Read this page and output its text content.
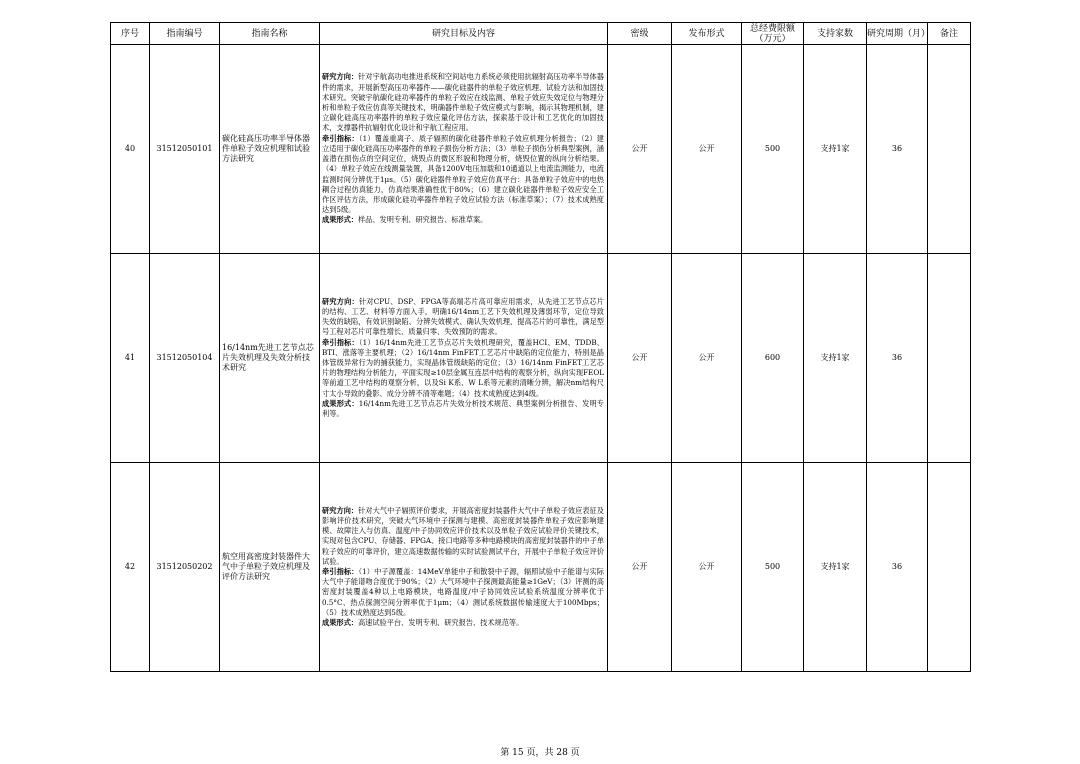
序号	指南编号	指南名称	研究目标及内容	密级	发布形式	总经费限额（万元）	支持家数	研究周期（月）	备注
40	31512050101	碳化硅高压功率半导体器件单粒子效应机理和试验方法研究	研究方向：针对宇航高功电推进系统和空间站电力系统必须使用抗辐射高压功率半导体器件的需求，开展新型高压功率器件——碳化硅器件的单粒子效应机理、试验方法和加固技术研究。突破宇航碳化硅功率器件的单粒子效应在线监测、单粒子效应失效定位与物理分析和单粒子效应仿真等关键技术，明确器件单粒子效应模式与影响，揭示其物理机制，建立碳化硅高压功率器件的单粒子效应量化评估方法，探索基于设计和工艺优化的加固技术，支撑器件抗辐射优化设计和宇航工程应用。

牵引指标：（1）覆盖重离子、质子辐照的碳化硅器件单粒子效应机理分析报告；（2）建立适用于碳化硅高压功率器件的单粒子损伤分析方法；（3）单粒子损伤分析典型案例，涵盖潜在损伤点的空间定位，烧毁点的微区形貌和物理分析，烧毁位置的纵向分析结果。（4）单粒子效应在线测量装置，具备1200V电压加载和10通道以上电流监测能力，电流监测时间分辨优于1μs。（5）碳化硅器件单粒子效应仿真平台：具备单粒子效应中的电热耦合过程仿真能力，仿真结果准确性优于80%；（6）建立碳化硅器件单粒子效应安全工作区评估方法，形成碳化硅功率器件单粒子效应试验方法（标准草案）；（7）技术成熟度达到5级。

成果形式：样品、发明专利、研究报告、标准草案。	公开	公开	500	支持1家	36	
41	31512050104	16/14nm先进工艺节点芯片失效机理及失效分析技术研究	研究方向：针对CPU、DSP、FPGA等高端芯片高可靠应用需求，从先进工艺节点芯片的结构、工艺、材料等方面入手，明确16/14nm工艺下失效机理及薄弱环节，定位导致失效的缺陷，有效识别缺陷、分辨失效模式、确认失效机理，提高芯片的可靠性，满足型号工程对芯片可靠性增长、质量归零、失效预防的需求。

牵引指标：（1）16/14nm先进工艺节点芯片失效机理研究，覆盖HCI、EM、TDDB、BTI、涨落等主要机理；（2）16/14nm FinFET工艺芯片中缺陷的定位能力，特别是晶体管级异常行为的捕获能力，实现晶体管级缺陷的定位；（3）16/14nm FinFET工艺芯片的物理结构分析能力，平面实现≥10层金属互连层中结构的观察分析，纵向实现FEOL等前道工艺中结构的观察分析，以及Si K系、W L系等元素的清晰分辨，解决nm结构尺寸太小导致的叠影、成分分辨不清等难题；（4）技术成熟度达到4级。

成果形式：16/14nm先进工艺节点芯片失效分析技术规范、典型案例分析报告、发明专利等。	公开	公开	600	支持1家	36	
42	31512050202	航空用高密度封装器件大气中子单粒子效应机理及评价方法研究	研究方向：针对大气中子辐照评价要求，开展高密度封装器件大气中子单粒子效应表征及影响评价技术研究，突破大气环境中子探测与建模、高密度封装器件单粒子效应影响建模、故障注入与仿真、温度/中子协同效应评价技术以及单粒子效应试验评价关键技术，实现对包含CPU、存储器、FPGA、接口电路等多种电路模块的高密度封装器件的中子单粒子效应的可靠评价，建立高速数据传输的实时试验测试平台，开展中子单粒子效应评价试验。

牵引指标：（1）中子源覆盖：14MeV单能中子和散裂中子源，辐照试验中子能谱与实际大气中子能谱吻合度优于90%；（2）大气环境中子探测最高能量≥1GeV；（3）评测的高密度封装覆盖4种以上电路模块，电路温度/中子协同效应试验系统温度分辨率优于0.5°C、热点探测空间分辨率优于1μm；（4）测试系统数据传输速度大于100Mbps；（5）技术成熟度达到5级。

成果形式：高速试验平台、发明专利、研究报告、技术规范等。	公开	公开	500	支持1家	36	
第 15 页，共 28 页
